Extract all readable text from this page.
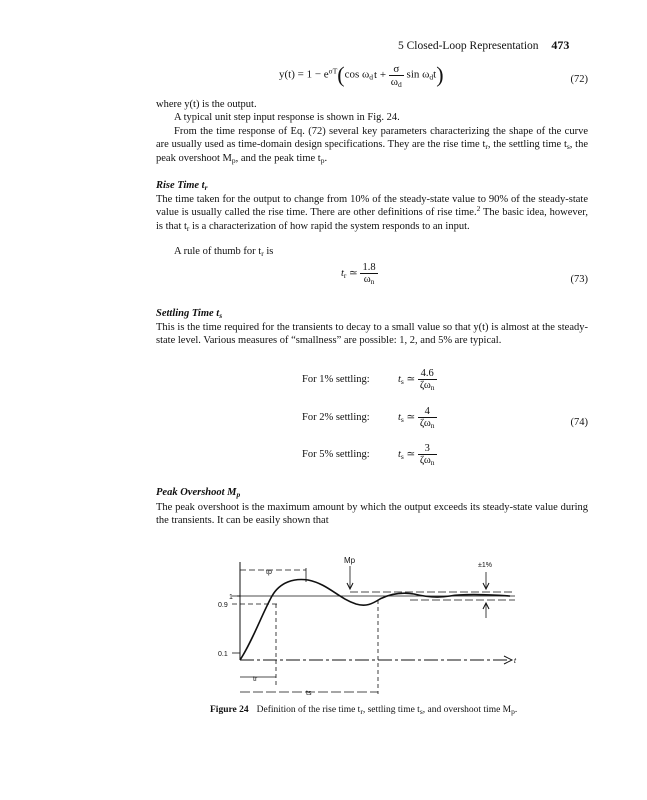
5 Closed-Loop Representation 473
$y(t) = 1 - e^{\sigma T}(\cos$ $\omega_dt + \frac{\sigma}{\omega_d}$ $\sin \omega_dt$)	(72)
where y(t) is the output.
A typical unit step input response is shown in Fig. 24.
From the time response of Eq. (72) several key parameters characterizing the shape of the curve are usually used as time-domain design specifications. They are the rise time $t_r$, the settling time $t_s$, the peak overshoot $M_p$, and the peak time $t_p$.
Rise Time $t_r$
The time taken for the output to change from 10% of the steady-state value to 90% of the steady-state value is usually called the rise time. There are other definitions of rise time.$^2$ The basic idea, however, is that $t_r$ is a characterization of how rapid the system responds to an input.
A rule of thumb for $t_r$ is
$t_r$ ≃ $\frac{1.8}{\omega_n}$	(73)
Settling Time $t_s$
This is the time required for the transients to decay to a small value so that y(t) is almost at the steady-state level. Various measures of “smallness” are possible: 1, 2, and 5% are typical.
For 1% settling:	$t_s$ ≃ $\frac{4.6}{\zeta\omega_n}$
For 2% settling:	$t_s$ ≃ $\frac{4}{\zeta\omega_n}$	(74)
For 5% settling:	$t_s$ ≃ $\frac{3}{\zeta\omega_n}$
Peak Overshoot $M_p$
The peak overshoot is the maximum amount by which the output exceeds its steady-state value during the transients. It can be easily shown that
Mp
tp
tr
ts
±1%
1
0.9
0.1
t
Figure 24 Definition of the rise time $t_r$, settling time $t_s$, and overshoot time $M_p$.
